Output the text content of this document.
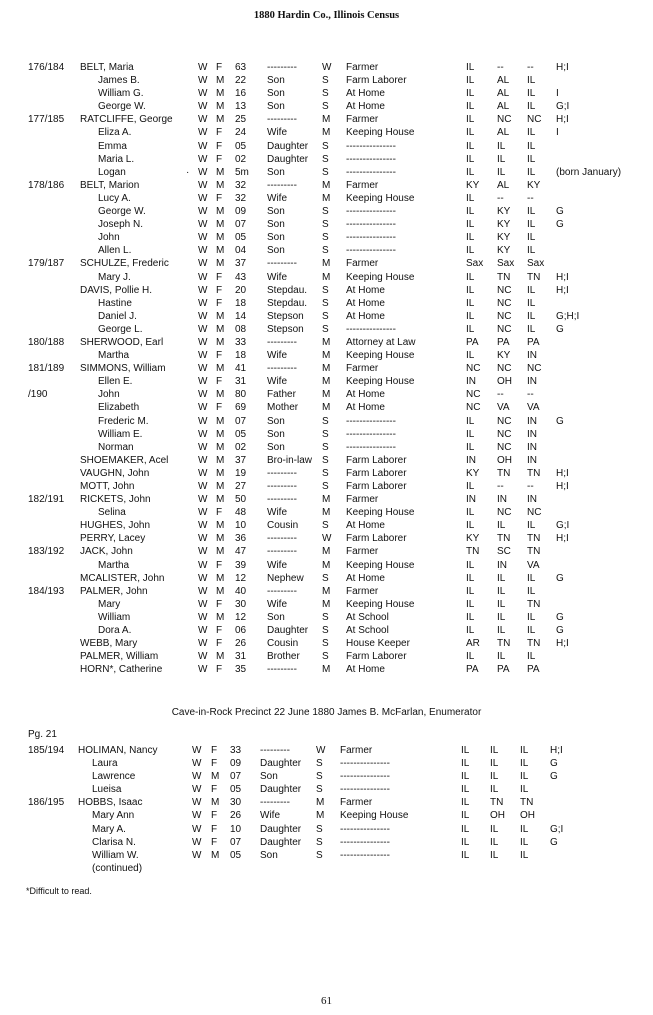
1880 Hardin Co., Illinois Census
176/184 BELT, Maria	W F 63 ---------	W Farmer	IL -- -- H;I
James B.	W M 22 Son	S Farm Laborer	IL AL IL
William G.	W M 16 Son	S At Home	IL AL IL I
George W.	W M 13 Son	S At Home	IL AL IL G;I
177/185 RATCLIFFE, George	W M 25 ---------	M Farmer	IL NC NC H;I
Eliza A.	W F 24 Wife	M Keeping House	IL AL IL I
Emma	W F 05 Daughter S ---------------	IL IL IL
Maria L.	W F 02 Daughter S ---------------	IL IL IL
Logan	· W M 5m Son	S ---------------	IL IL IL (born January)
178/186 BELT, Marion	W M 32 ---------	M Farmer	KY AL KY
Lucy A.	W F 32 Wife	M Keeping House	IL -- --
George W.	W M 09 Son	S ---------------	IL KY IL G
Joseph N.	W M 07 Son	S ---------------	IL KY IL G
John	W M 05 Son	S ---------------	IL KY IL
Allen L.	W M 04 Son	S ---------------	IL KY IL
179/187 SCHULZE, Frederic	W M 37 ---------	M Farmer	Sax Sax Sax
Mary J.	W F 43 Wife	M Keeping House	IL TN TN H;I
DAVIS, Pollie H.	W F 20 Stepdau. S At Home	IL NC IL H;I
Hastine	W F 18 Stepdau. S At Home	IL NC IL
Daniel J.	W M 14 Stepson S At Home	IL NC IL G;H;I
George L.	W M 08 Stepson S ---------------	IL NC IL G
180/188 SHERWOOD, Earl	W M 33 ---------	M Attorney at Law	PA PA PA
Martha	W F 18 Wife	M Keeping House	IL KY IN
181/189 SIMMONS, William	W M 41 ---------	M Farmer	NC NC NC
Ellen E.	W F 31 Wife	M Keeping House	IN OH IN
/190	John	W M 80 Father	M At Home	NC -- --
Elizabeth	W F 69 Mother M At Home	NC VA VA
Frederic M.	W M 07 Son	S ---------------	IL NC IN G
William E.	W M 05 Son	S ---------------	IL NC IN
Norman	W M 02 Son	S ---------------	IL NC IN
SHOEMAKER, Acel	W M 37 Bro-in-law S Farm Laborer	IN OH IN
VAUGHN, John	W M 19 ---------	S Farm Laborer	KY TN TN H;I
MOTT, John	W M 27 ---------	S Farm Laborer	IL -- -- H;I
182/191 RICKETS, John	W M 50 ---------	M Farmer	IN IN IN
Selina	W F 48 Wife	M Keeping House	IL NC NC
HUGHES, John	W M 10 Cousin S At Home	IL IL IL G;I
PERRY, Lacey	W M 36 ---------	W Farm Laborer	KY TN TN H;I
183/192 JACK, John	W M 47 ---------	M Farmer	TN SC TN
Martha	W F 39 Wife	M Keeping House	IL IN VA
MCALISTER, John	W M 12 Nephew S At Home	IL IL IL G
184/193 PALMER, John	W M 40 ---------	M Farmer	IL IL IL
Mary	W F 30 Wife	M Keeping House	IL IL TN
William	W M 12 Son	S At School	IL IL IL G
Dora A.	W F 06 Daughter S At School	IL IL IL G
WEBB, Mary	W F 26 Cousin S House Keeper	AR TN TN H;I
PALMER, William	W M 31 Brother S Farm Laborer	IL IL IL
HORN*, Catherine	W F 35 ---------	M At Home	PA PA PA
Cave-in-Rock Precinct 22 June 1880 James B. McFarlan, Enumerator
Pg. 21
185/194 HOLIMAN, Nancy	W F 33 ---------	W Farmer	IL IL IL H;I
Laura	W F 09 Daughter S ---------------	IL IL IL G
Lawrence	W M 07 Son	S ---------------	IL IL IL G
Lueisa	W F 05 Daughter S ---------------	IL IL IL
186/195 HOBBS, Isaac	W M 30 ---------	M Farmer	IL TN TN
Mary Ann	W F 26 Wife	M Keeping House	IL OH OH
Mary A.	W F 10 Daughter S ---------------	IL IL IL G;I
Clarisa N.	W F 07 Daughter S ---------------	IL IL IL G
William W.	W M 05 Son	S ---------------	IL IL IL
(continued)
*Difficult to read.
61
